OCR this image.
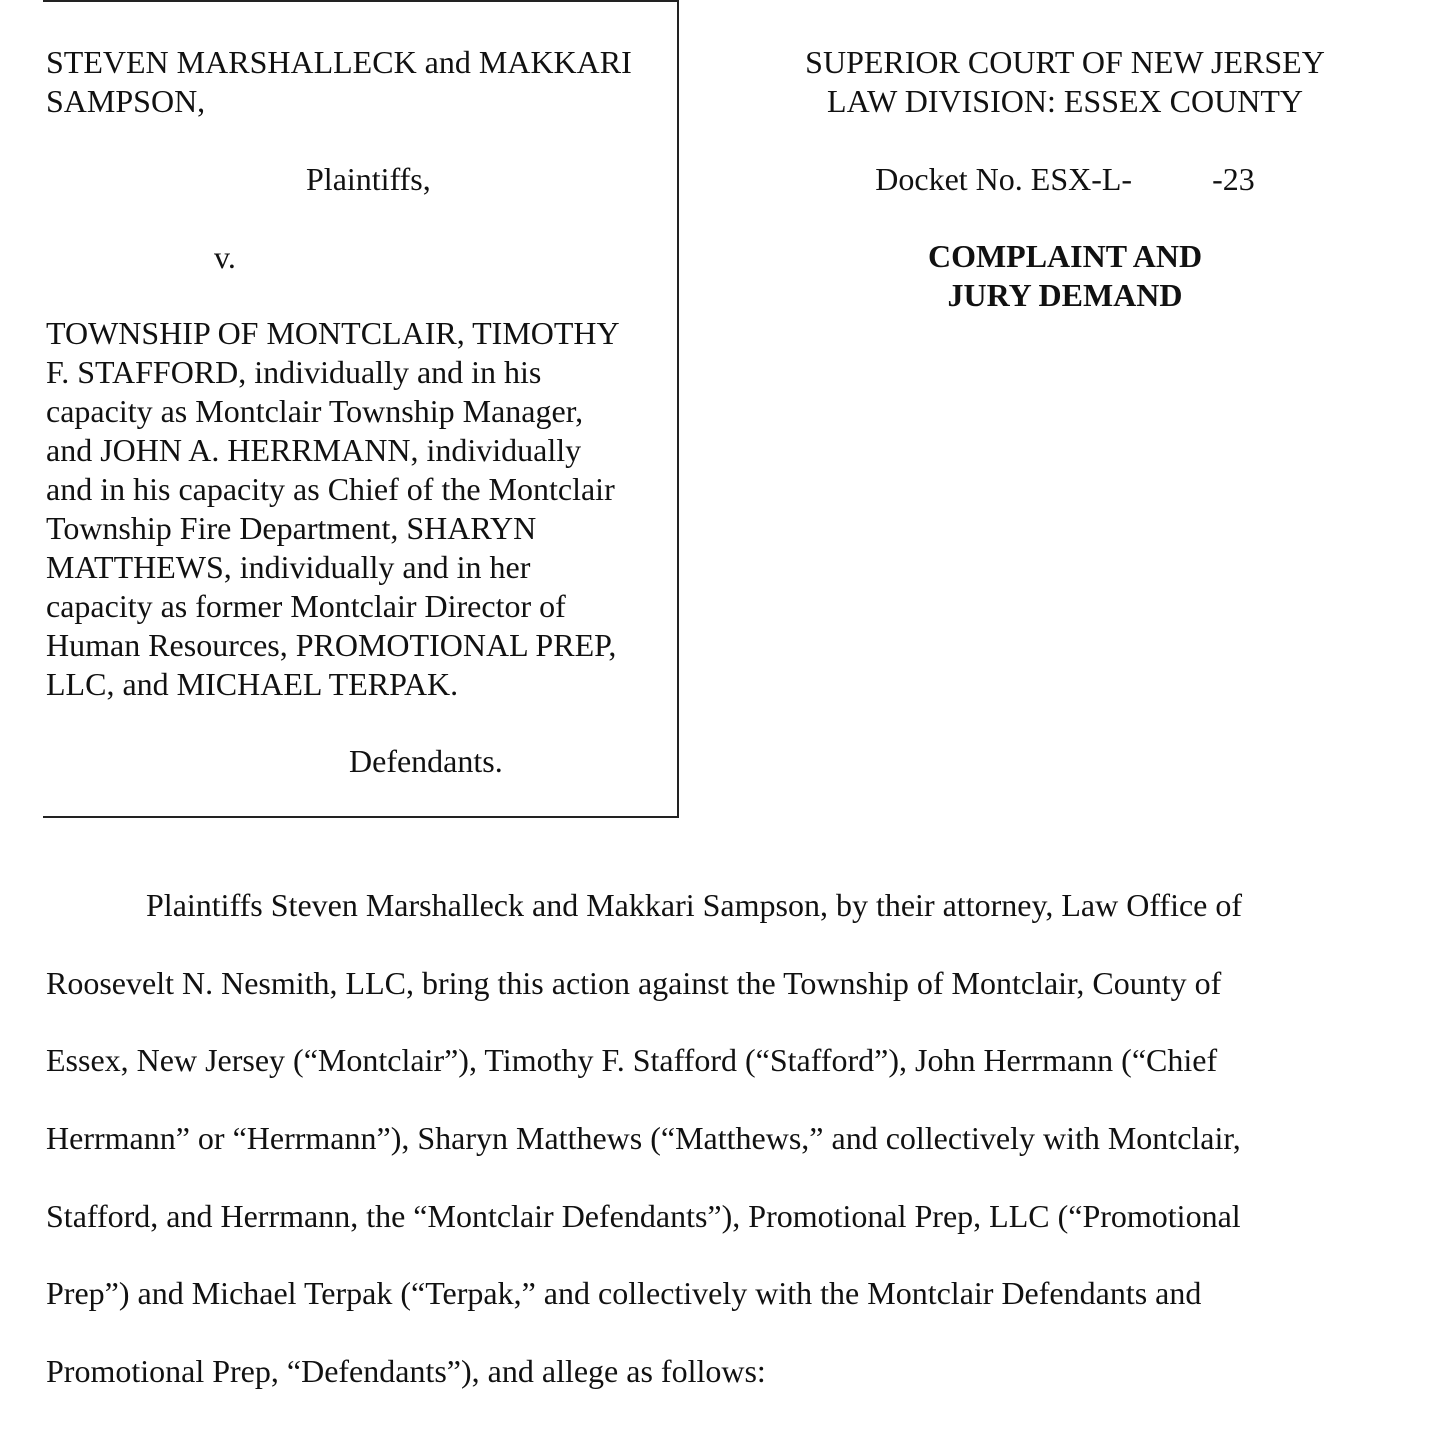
STEVEN MARSHALLECK and MAKKARI
SAMPSON,
Plaintiffs,
v.
TOWNSHIP OF MONTCLAIR, TIMOTHY
F. STAFFORD, individually and in his
capacity as Montclair Township Manager,
and JOHN A. HERRMANN, individually
and in his capacity as Chief of the Montclair
Township Fire Department, SHARYN
MATTHEWS, individually and in her
capacity as former Montclair Director of
Human Resources, PROMOTIONAL PREP,
LLC, and MICHAEL TERPAK.
Defendants.
SUPERIOR COURT OF NEW JERSEY
LAW DIVISION: ESSEX COUNTY
Docket No. ESX-L-          -23
COMPLAINT AND
JURY DEMAND
Plaintiffs Steven Marshalleck and Makkari Sampson, by their attorney, Law Office of
Roosevelt N. Nesmith, LLC, bring this action against the Township of Montclair, County of
Essex, New Jersey (“Montclair”), Timothy F. Stafford (“Stafford”), John Herrmann (“Chief
Herrmann” or “Herrmann”), Sharyn Matthews (“Matthews,” and collectively with Montclair,
Stafford, and Herrmann, the “Montclair Defendants”), Promotional Prep, LLC (“Promotional
Prep”) and Michael Terpak (“Terpak,” and collectively with the Montclair Defendants and
Promotional Prep, “Defendants”), and allege as follows:
